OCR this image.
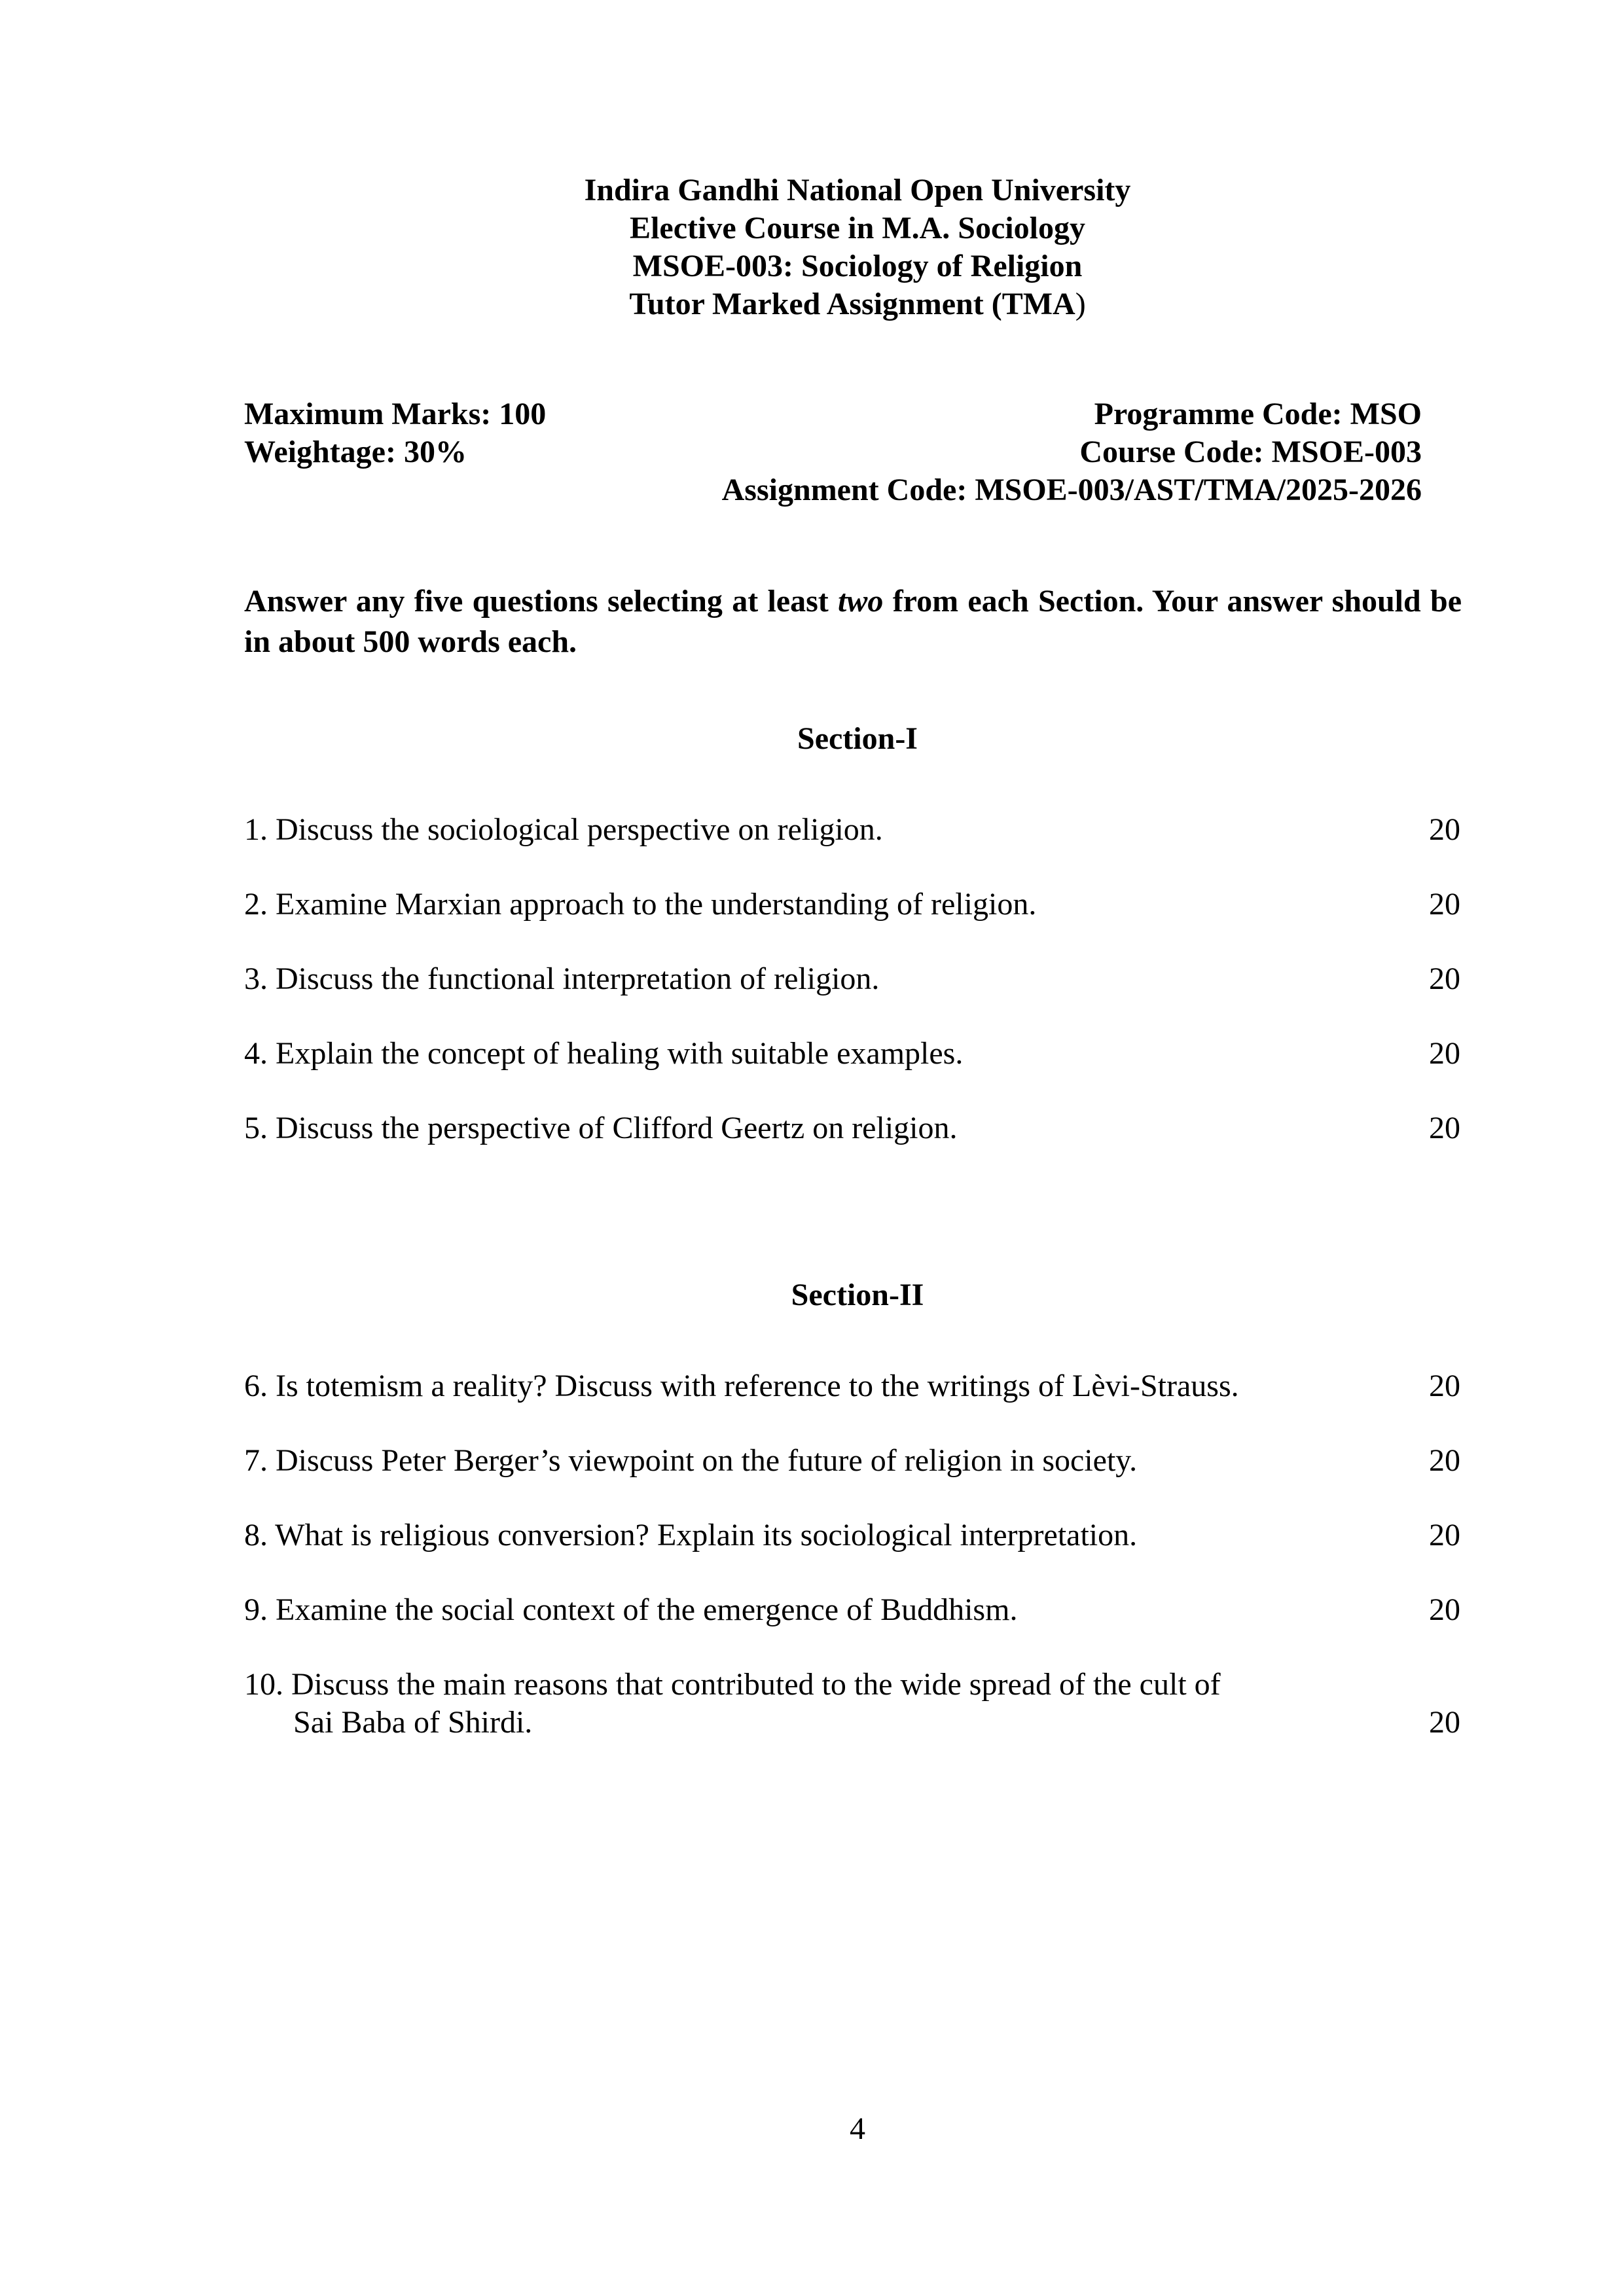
Indira Gandhi National Open University
Elective Course in M.A. Sociology
MSOE-003: Sociology of Religion
Tutor Marked Assignment (TMA)
Maximum Marks: 100
Weightage: 30%
Programme Code: MSO
Course Code: MSOE-003
Assignment Code: MSOE-003/AST/TMA/2025-2026
Answer any five questions selecting at least two from each Section. Your answer should be in about 500 words each.
Section-I
1. Discuss the sociological perspective on religion.	20
2. Examine Marxian approach to the understanding of religion.	20
3. Discuss the functional interpretation of religion.	20
4. Explain the concept of healing with suitable examples.	20
5. Discuss the perspective of Clifford Geertz on religion.	20
Section-II
6. Is totemism a reality? Discuss with reference to the writings of Lèvi-Strauss.	20
7. Discuss Peter Berger’s viewpoint on the future of religion in society.	20
8. What is religious conversion? Explain its sociological interpretation.	20
9. Examine the social context of the emergence of Buddhism.	20
10. Discuss the main reasons that contributed to the wide spread of the cult of
Sai Baba of Shirdi.	20
4
